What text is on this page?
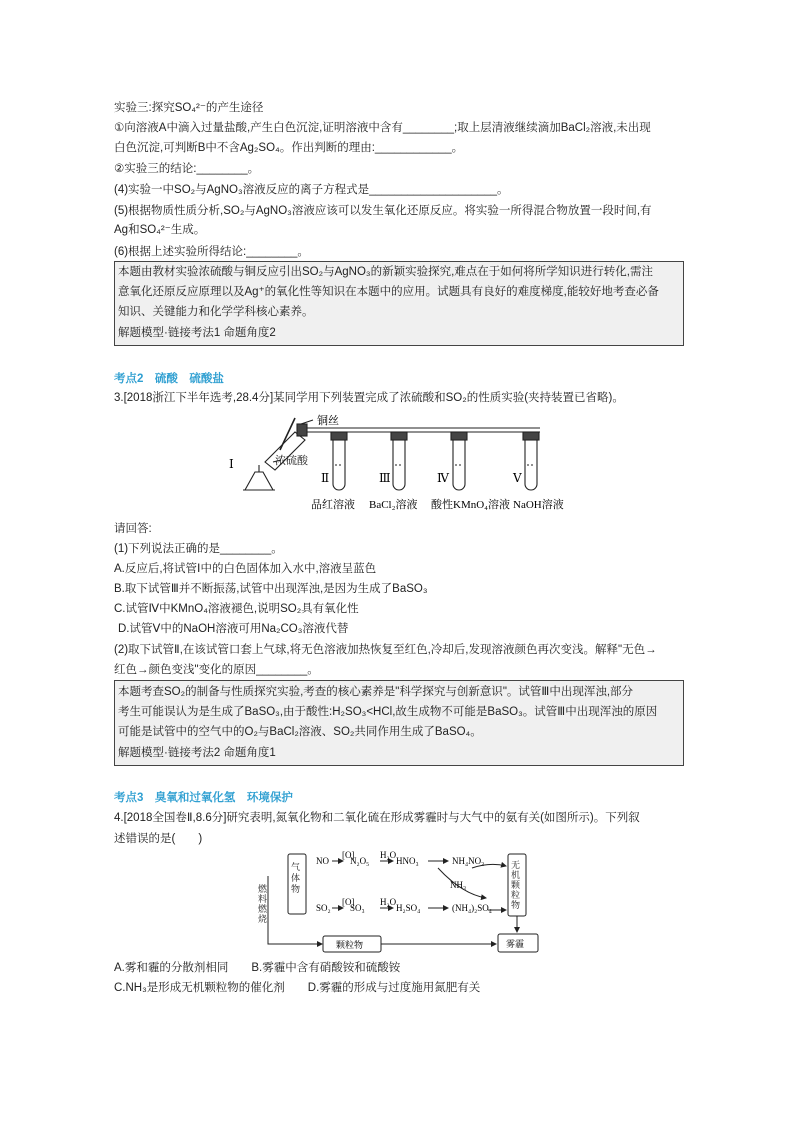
实验三:探究SO₄²⁻的产生途径
①向溶液A中滴入过量盐酸,产生白色沉淀,证明溶液中含有________;取上层清液继续滴加BaCl₂溶液,未出现
白色沉淀,可判断B中不含Ag₂SO₄。作出判断的理由:____________。
②实验三的结论:________。
(4)实验一中SO₂与AgNO₃溶液反应的离子方程式是____________________。
(5)根据物质性质分析,SO₂与AgNO₃溶液应该可以发生氧化还原反应。将实验一所得混合物放置一段时间,有
Ag和SO₄²⁻生成。
(6)根据上述实验所得结论:________。
本题由教材实验浓硫酸与铜反应引出SO₂与AgNO₃的新颖实验探究,难点在于如何将所学知识进行转化,需注
意氧化还原反应原理以及Ag⁺的氧化性等知识在本题中的应用。试题具有良好的难度梯度,能较好地考查必备
知识、关键能力和化学学科核心素养。
解题模型·链接考法1 命题角度2
考点2　硫酸　硫酸盐
3.[2018浙江下半年选考,28.4分]某同学用下列装置完成了浓硫酸和SO₂的性质实验(夹持装置已省略)。
铜丝
Ⅰ
Ⅱ	Ⅲ	Ⅳ	Ⅴ
品红溶液 BaCl₂溶液 酸性KMnO₄溶液 NaOH溶液
浓硫酸
请回答:
(1)下列说法正确的是________。
A.反应后,将试管Ⅰ中的白色固体加入水中,溶液呈蓝色
B.取下试管Ⅲ并不断振荡,试管中出现浑浊,是因为生成了BaSO₃
C.试管Ⅳ中KMnO₄溶液褪色,说明SO₂具有氧化性
D.试管Ⅴ中的NaOH溶液可用Na₂CO₃溶液代替
(2)取下试管Ⅱ,在该试管口套上气球,将无色溶液加热恢复至红色,冷却后,发现溶液颜色再次变浅。解释"无色→
红色→颜色变浅"变化的原因________。
本题考查SO₂的制备与性质探究实验,考查的核心素养是"科学探究与创新意识"。试管Ⅲ中出现浑浊,部分
考生可能误认为是生成了BaSO₃,由于酸性:H₂SO₃<HCl,故生成物不可能是BaSO₃。试管Ⅲ中出现浑浊的原因
可能是试管中的空气中的O₂与BaCl₂溶液、SO₂共同作用生成了BaSO₄。
解题模型·链接考法2 命题角度1
考点3　臭氧和过氧化氢　环境保护
4.[2018全国卷Ⅱ,8.6分]研究表明,氮氧化物和二氧化硫在形成雾霾时与大气中的氨有关(如图所示)。下列叙
述错误的是(　　)
NO
[O]
N₂O₅
H₂O
HNO₃	NH₄NO₃
NH₃
SO₂
[O]
SO₃
H₂O
H₂SO₄	(NH₄)₂SO₄
颗粒物	雾霾
气体物
无机颗粒物
燃料燃烧
A.雾和霾的分散剂相同　　B.雾霾中含有硝酸铵和硫酸铵
C.NH₃是形成无机颗粒物的催化剂　　D.雾霾的形成与过度施用氮肥有关
